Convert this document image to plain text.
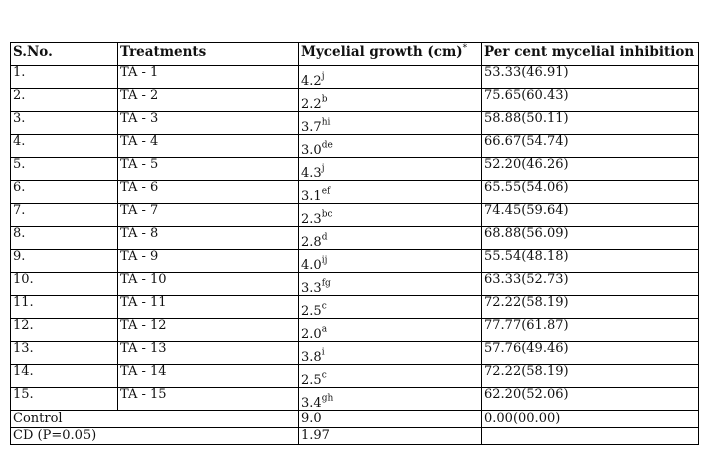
S.No.	Treatments	Mycelial growth (cm)*	Per cent mycelial inhibition
1.	TA - 1	4.2$^j$	53.33(46.91)
2.	TA - 2	2.2$^b$	75.65(60.43)
3.	TA - 3	$3.7^{hi}$	58.88(50.11)
4.	TA - 4	3.0de	66.67(54.74)
5.	TA - 5	4.3$^j$	52.20(46.26)
6.	TA - 6	3.1$^{ef}$	65.55(54.06)
7.	TA - 7	2.3$^{bc}$	74.45(59.64)
8.	TA - 8	2.8$^d$	68.88(56.09)
9.	TA - 9	$4.0^{ij}$	55.54(48.18)
10.	TA - 10	3.3$^{fg}$	63.33(52.73)
11.	TA - 11	2.5$^c$	72.22(58.19)
12.	TA - 12	2.0$^a$	77.77(61.87)
13.	TA - 13	3.8$^i$	57.76(49.46)
14.	TA - 14	2.5$^c$	72.22(58.19)
15.	TA - 15	3.4$^{gh}$	62.20(52.06)
Control		9.0	0.00(00.00)
CD (P=0.05)		1.97	
